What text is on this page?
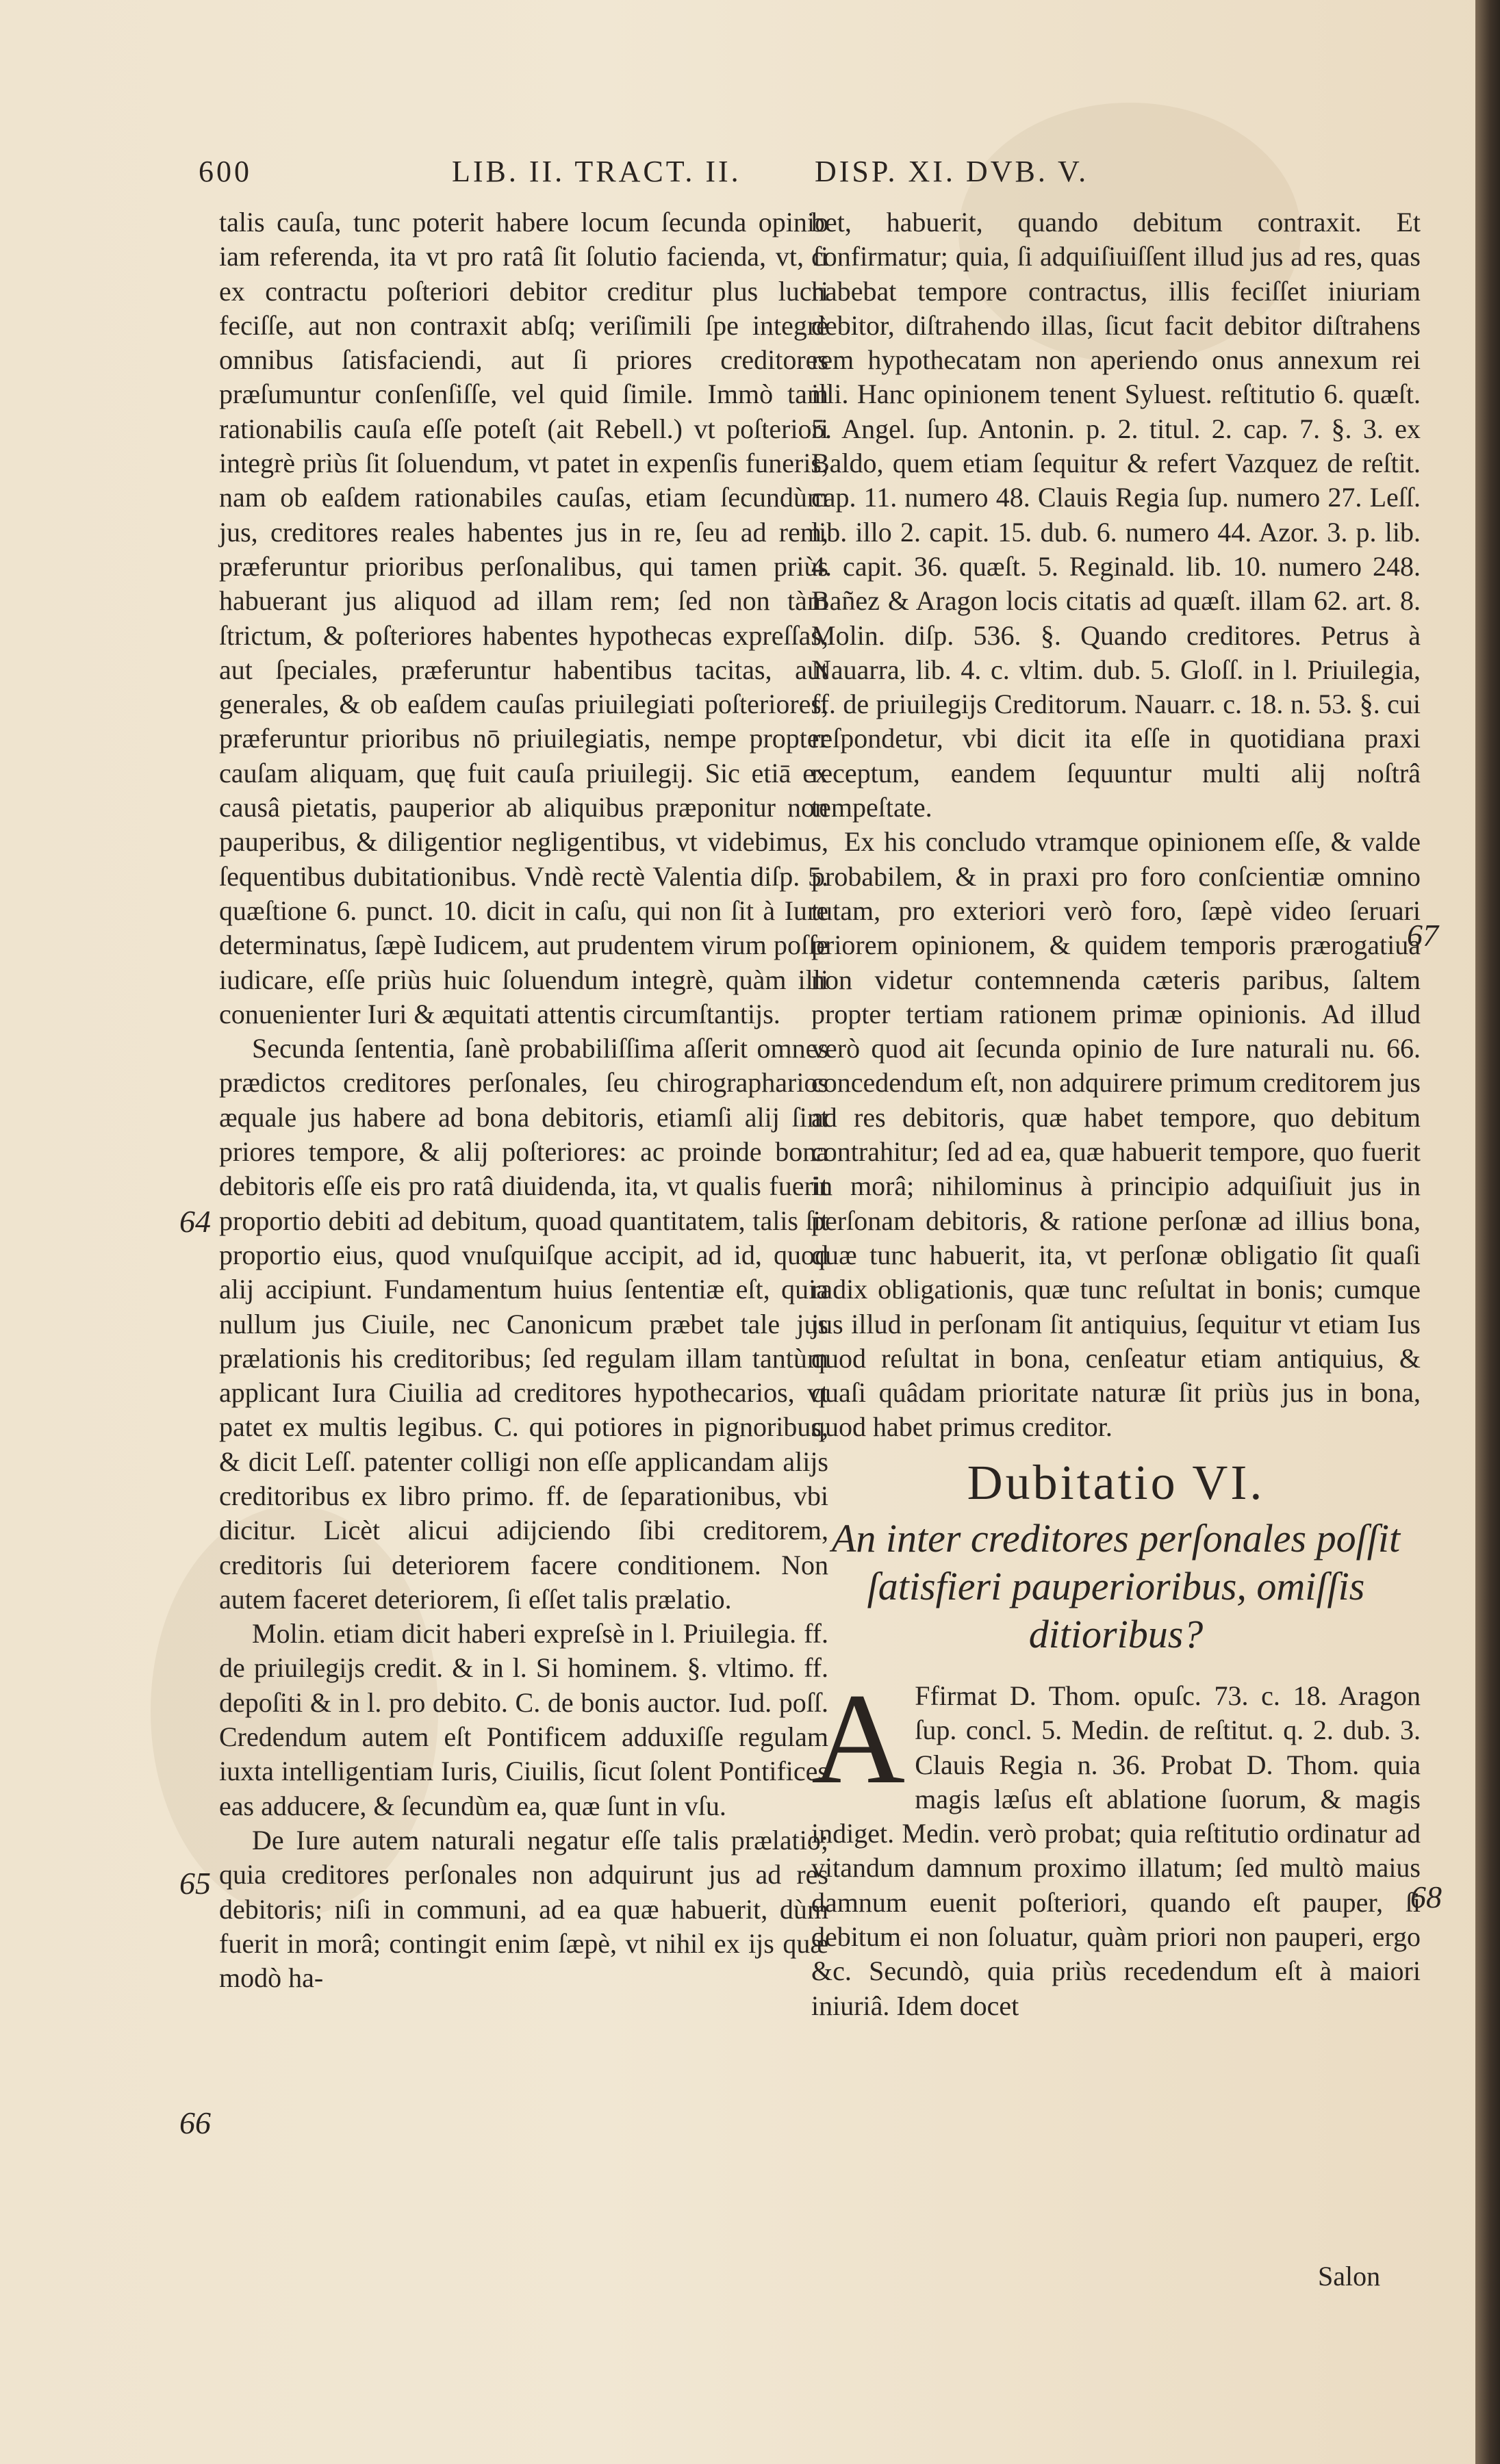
600	LIB. II. TRACT. II. DISP. XI. DVB. V.

talis cauſa, tunc poterit habere locum ſecunda opinio iam referenda, ita vt pro ratâ ſit ſolutio facienda, vt, ſi ex contractu poſteriori debitor creditur plus lucri feciſſe, aut non contraxit abſq; veriſimili ſpe integrè omnibus ſatisfaciendi, aut ſi priores creditores præſumuntur conſenſiſſe, vel quid ſimile. Immò tam rationabilis cauſa eſſe poteſt (ait Rebell.) vt poſteriori integrè priùs ſit ſoluendum, vt patet in expenſis funeris, nam ob eaſdem rationabiles cauſas, etiam ſecundùm jus, creditores reales habentes jus in re, ſeu ad rem, præferuntur prioribus perſonalibus, qui tamen priùs habuerant jus aliquod ad illam rem; ſed non tàm ſtrictum, & poſteriores habentes hypothecas expreſſas, aut ſpeciales, præferuntur habentibus tacitas, aut generales, & ob eaſdem cauſas priuilegiati poſteriores, præferuntur prioribus nō priuilegiatis, nempe propter cauſam aliquam, quę fuit cauſa priuilegij. Sic etiā ex causâ pietatis, pauperior ab aliquibus præponitur non pauperibus, & diligentior negligentibus, vt videbimus, ſequentibus dubitationibus. Vndè rectè Valentia diſp. 5. quæſtione 6. punct. 10. dicit in caſu, qui non ſit à Iure determinatus, ſæpè Iudicem, aut prudentem virum poſſe iudicare, eſſe priùs huic ſoluendum integrè, quàm illi conuenienter Iuri & æquitati attentis circumſtantijs.

Secunda ſententia, ſanè probabiliſſima aſſerit omnes prædictos creditores perſonales, ſeu chirographarios æquale jus habere ad bona debitoris, etiamſi alij ſint priores tempore, & alij poſteriores: ac proinde bona debitoris eſſe eis pro ratâ diuidenda, ita, vt qualis fuerit proportio debiti ad debitum, quoad quantitatem, talis ſit proportio eius, quod vnuſquiſque accipit, ad id, quod alij accipiunt. Fundamentum huius ſententiæ eſt, quia nullum jus Ciuile, nec Canonicum præbet tale jus prælationis his creditoribus; ſed regulam illam tantùm applicant Iura Ciuilia ad creditores hypothecarios, vt patet ex multis legibus. C. qui potiores in pignoribus, & dicit Leſſ. patenter colligi non eſſe applicandam alijs creditoribus ex libro primo. ff. de ſeparationibus, vbi dicitur. Licèt alicui adijciendo ſibi creditorem, creditoris ſui deteriorem facere conditionem. Non autem faceret deteriorem, ſi eſſet talis prælatio.

Molin. etiam dicit haberi expreſsè in l. Priuilegia. ff. de priuilegijs credit. & in l. Si hominem. §. vltimo. ff. depoſiti & in l. pro debito. C. de bonis auctor. Iud. poſſ. Credendum autem eſt Pontificem adduxiſſe regulam iuxta intelligentiam Iuris, Ciuilis, ſicut ſolent Pontifices eas adducere, & ſecundùm ea, quæ ſunt in vſu.

De Iure autem naturali negatur eſſe talis prælatio; quia creditores perſonales non adquirunt jus ad res debitoris; niſi in communi, ad ea quæ habuerit, dùm fuerit in morâ; contingit enim ſæpè, vt nihil ex ijs quæ modò ha-

64
65
66

bet, habuerit, quando debitum contraxit. Et confirmatur; quia, ſi adquiſiuiſſent illud jus ad res, quas habebat tempore contractus, illis feciſſet iniuriam debitor, diſtrahendo illas, ſicut facit debitor diſtrahens rem hypothecatam non aperiendo onus annexum rei illi. Hanc opinionem tenent Syluest. reſtitutio 6. quæſt. 5. Angel. ſup. Antonin. p. 2. titul. 2. cap. 7. §. 3. ex Baldo, quem etiam ſequitur & refert Vazquez de reſtit. cap. 11. numero 48. Clauis Regia ſup. numero 27. Leſſ. lib. illo 2. capit. 15. dub. 6. numero 44. Azor. 3. p. lib. 4. capit. 36. quæſt. 5. Reginald. lib. 10. numero 248. Bañez & Aragon locis citatis ad quæſt. illam 62. art. 8. Molin. diſp. 536. §. Quando creditores. Petrus à Nauarra, lib. 4. c. vltim. dub. 5. Gloſſ. in l. Priuilegia, ff. de priuilegijs Creditorum. Nauarr. c. 18. n. 53. §. cui reſpondetur, vbi dicit ita eſſe in quotidiana praxi receptum, eandem ſequuntur multi alij noſtrâ tempeſtate.

Ex his concludo vtramque opinionem eſſe, & valde probabilem, & in praxi pro foro conſcientiæ omnino tutam, pro exteriori verò foro, ſæpè video ſeruari priorem opinionem, & quidem temporis prærogatiua non videtur contemnenda cæteris paribus, ſaltem propter tertiam rationem primæ opinionis. Ad illud verò quod ait ſecunda opinio de Iure naturali nu. 66. concedendum eſt, non adquirere primum creditorem jus ad res debitoris, quæ habet tempore, quo debitum contrahitur; ſed ad ea, quæ habuerit tempore, quo fuerit in morâ; nihilominus à principio adquiſiuit jus in perſonam debitoris, & ratione perſonæ ad illius bona, quæ tunc habuerit, ita, vt perſonæ obligatio ſit quaſi radix obligationis, quæ tunc reſultat in bonis; cumque jus illud in perſonam ſit antiquius, ſequitur vt etiam Ius quod reſultat in bona, cenſeatur etiam antiquius, & quaſi quâdam prioritate naturæ ſit priùs jus in bona, quod habet primus creditor.

Dubitatio VI.
An inter creditores perſonales poſſit ſatisfieri pauperioribus, omiſſis ditioribus?

A Ffirmat D. Thom. opuſc. 73. c. 18. Aragon ſup. concl. 5. Medin. de reſtitut. q. 2. dub. 3. Clauis Regia n. 36. Probat D. Thom. quia magis læſus eſt ablatione ſuorum, & magis indiget. Medin. verò probat; quia reſtitutio ordinatur ad vitandum damnum proximo illatum; ſed multò maius damnum euenit poſteriori, quando eſt pauper, ſi debitum ei non ſoluatur, quàm priori non pauperi, ergo &c. Secundò, quia priùs recedendum eſt à maiori iniuriâ. Idem docet

67
68
Salon
